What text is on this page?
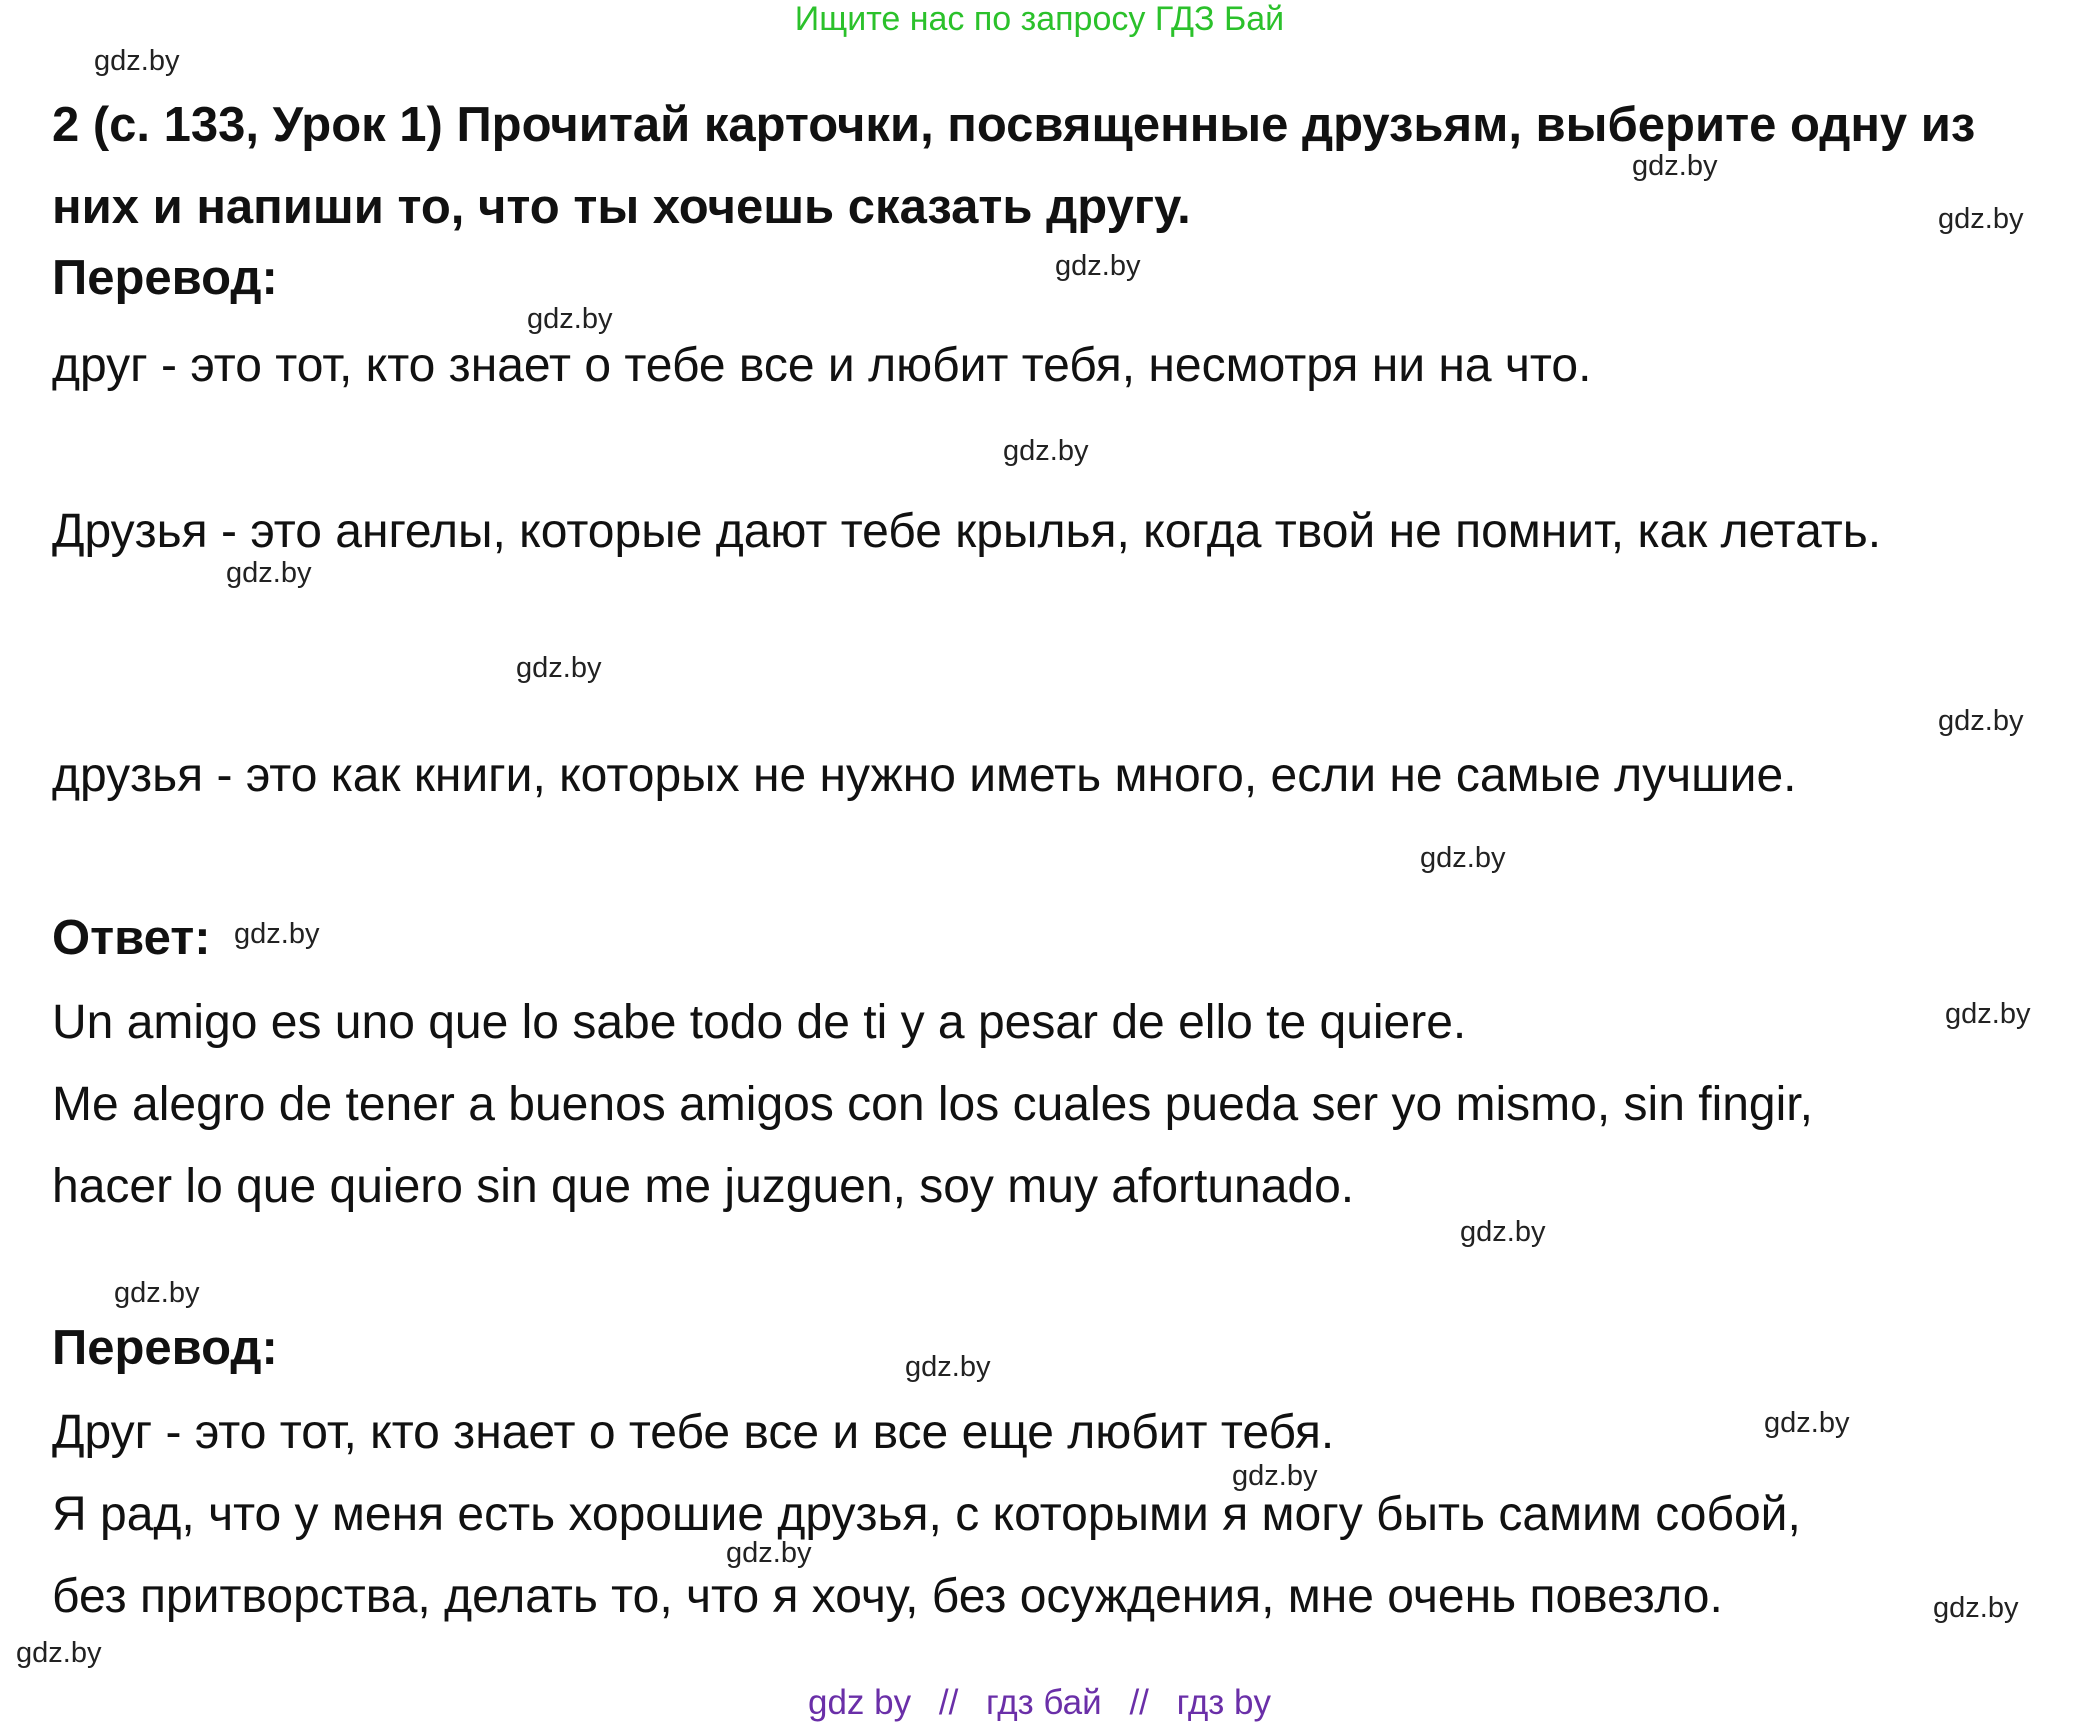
Ищите нас по запросу ГДЗ Бай
2 (с. 133, Урок 1) Прочитай карточки, посвященные друзьям, выберите одну из них и напиши то, что ты хочешь сказать другу.
Перевод:
друг - это тот, кто знает о тебе все и любит тебя, несмотря ни на что.
Друзья - это ангелы, которые дают тебе крылья, когда твой не помнит, как летать.
друзья - это как книги, которых не нужно иметь много, если не самые лучшие.
Ответ:
Un amigo es uno que lo sabe todo de ti y a pesar de ello te quiere.
Me alegro de tener a buenos amigos con los cuales pueda ser yo mismo, sin fingir,
hacer lo que quiero sin que me juzguen, soy muy afortunado.
Перевод:
Друг - это тот, кто знает о тебе все и все еще любит тебя.
Я рад, что у меня есть хорошие друзья, с которыми я могу быть самим собой,
без притворства, делать то, что я хочу, без осуждения, мне очень повезло.
gdz.by
gdz.by
gdz.by
gdz.by
gdz.by
gdz.by
gdz.by
gdz.by
gdz.by
gdz.by
gdz.by
gdz.by
gdz.by
gdz.by
gdz.by
gdz.by
gdz.by
gdz.by
gdz.by
gdz.by
gdz by // гдз бай // гдз by
